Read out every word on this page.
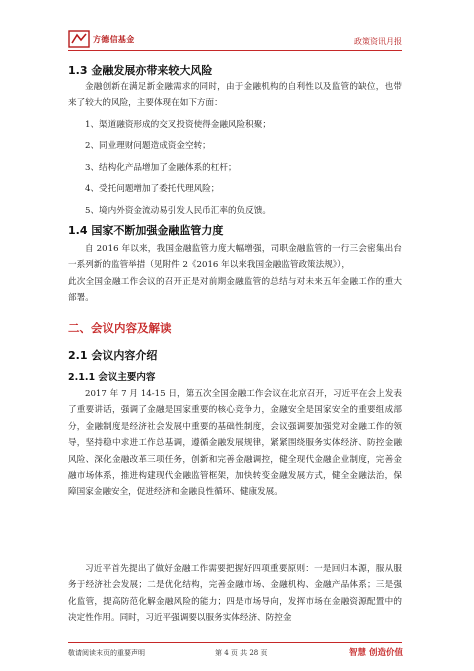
方德信基金	政策资讯月报
1.3 金融发展亦带来较大风险

金融创新在满足新金融需求的同时，由于金融机构的自利性以及监管的缺位，也带来了较大的风险，主要体现在如下方面：

1、渠道融资形成的交叉投资使得金融风险积聚；

2、同业理财问题造成资金空转；

3、结构化产品增加了金融体系的杠杆；

4、受托问题增加了委托代理风险；

5、境内外资金流动易引发人民币汇率的负反馈。

1.4 国家不断加强金融监管力度

自 2016 年以来，我国金融监管力度大幅增强，司职金融监管的一行三会密集出台一系列新的监管举措（见附件 2《2016 年以来我国金融监管政策法规》），

此次全国金融工作会议的召开正是对前期金融监管的总结与对未来五年金融工作的重大部署。

二、会议内容及解读
2.1 会议内容介绍
2.1.1 会议主要内容

2017 年 7 月 14-15 日，第五次全国金融工作会议在北京召开，习近平在会上发表了重要讲话，强调了金融是国家重要的核心竞争力，金融安全是国家安全的重要组成部分，金融制度是经济社会发展中重要的基础性制度，会议强调要加强党对金融工作的领导，坚持稳中求进工作总基调，遵循金融发展规律，紧紧围绕服务实体经济、防控金融风险、深化金融改革三项任务，创新和完善金融调控，健全现代金融企业制度，完善金融市场体系，推进构建现代金融监管框架，加快转变金融发展方式，健全金融法治，保障国家金融安全，促进经济和金融良性循环、健康发展。

习近平首先提出了做好金融工作需要把握好四项重要原则：一是回归本源，服从服务于经济社会发展；二是优化结构，完善金融市场、金融机构、金融产品体系；三是强化监管，提高防范化解金融风险的能力；四是市场导向，发挥市场在金融资源配置中的决定性作用。同时，习近平强调要以服务实体经济、防控金

敬请阅读末页的重要声明	第 4 页 共 28 页	智慧 创造价值
